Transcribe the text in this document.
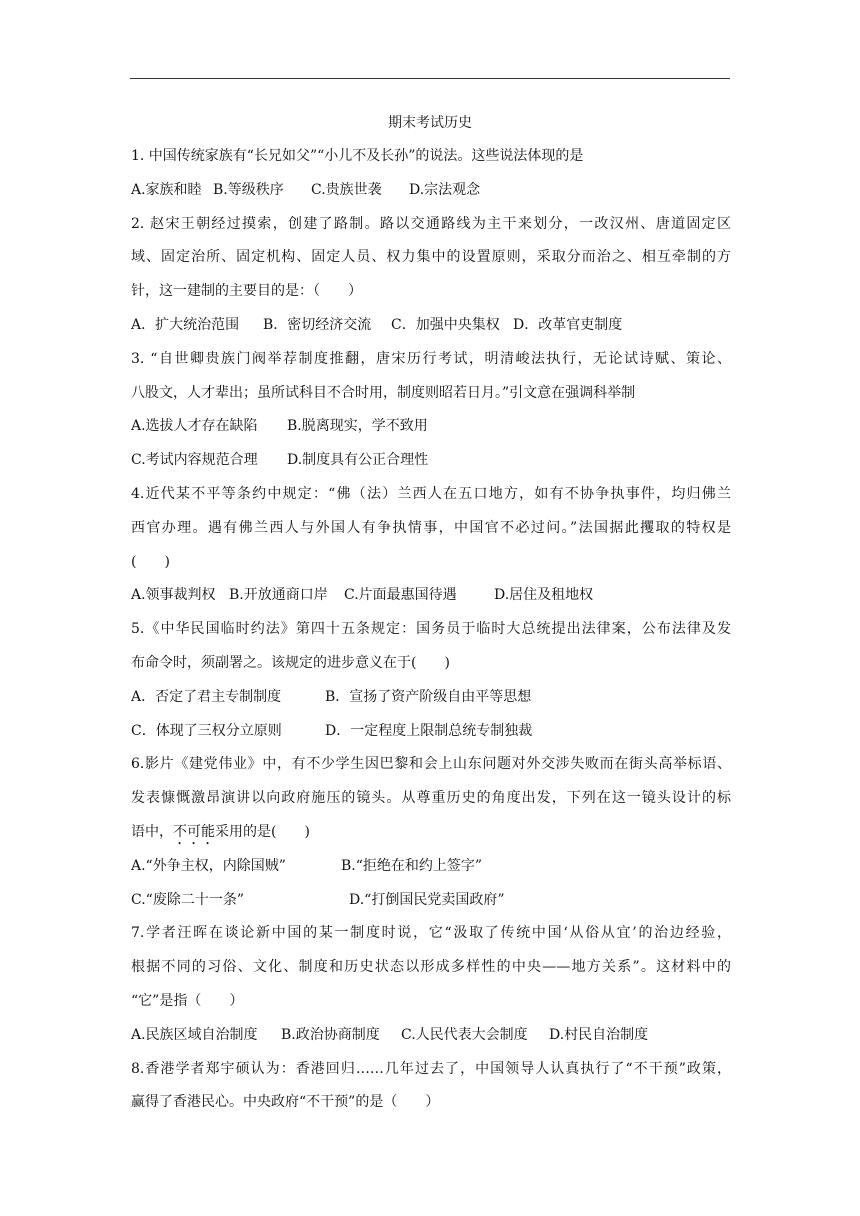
期末考试历史
1. 中国传统家族有“长兄如父”“小儿不及长孙”的说法。这些说法体现的是
A.家族和睦 B.等级秩序 C.贵族世袭 D.宗法观念
2. 赵宋王朝经过摸索，创建了路制。路以交通路线为主干来划分，一改汉州、唐道固定区
域、固定治所、固定机构、固定人员、权力集中的设置原则，采取分而治之、相互牵制的方
针，这一建制的主要目的是：（　　）
A．扩大统治范围 B．密切经济交流 C．加强中央集权 D．改革官吏制度
3. “自世卿贵族门阀举荐制度推翻，唐宋历行考试，明清峻法执行，无论试诗赋、策论、
八股文，人才辈出；虽所试科目不合时用，制度则昭若日月。”引文意在强调科举制
A.选拔人才存在缺陷 B.脱离现实，学不致用
C.考试内容规范合理 D.制度具有公正合理性
4.近代某不平等条约中规定：“佛（法）兰西人在五口地方，如有不协争执事件，均归佛兰
西官办理。遇有佛兰西人与外国人有争执情事，中国官不必过问。”法国据此攫取的特权是
(　　)
A.领事裁判权 B.开放通商口岸 C.片面最惠国待遇	D.居住及租地权
5.《中华民国临时约法》第四十五条规定：国务员于临时大总统提出法律案，公布法律及发
布命令时，须副署之。该规定的进步意义在于(　　)
A．否定了君主专制制度	B．宣扬了资产阶级自由平等思想
C．体现了三权分立原则	D．一定程度上限制总统专制独裁
6.影片《建党伟业》中，有不少学生因巴黎和会上山东问题对外交涉失败而在街头高举标语、
发表慷慨激昂演讲以向政府施压的镜头。从尊重历史的角度出发，下列在这一镜头设计的标
语中，不可能采用的是(　　)
A.“外争主权，内除国贼”	B.“拒绝在和约上签字”
C.“废除二十一条”	D.“打倒国民党卖国政府”
7.学者汪晖在谈论新中国的某一制度时说，它“汲取了传统中国‘从俗从宜’的治边经验，
根据不同的习俗、文化、制度和历史状态以形成多样性的中央——地方关系”。这材料中的
“它”是指（　　）
A.民族区域自治制度 B.政治协商制度 C.人民代表大会制度 D.村民自治制度
8.香港学者郑宇硕认为：香港回归……几年过去了，中国领导人认真执行了“不干预”政策，
赢得了香港民心。中央政府“不干预”的是（　　）
